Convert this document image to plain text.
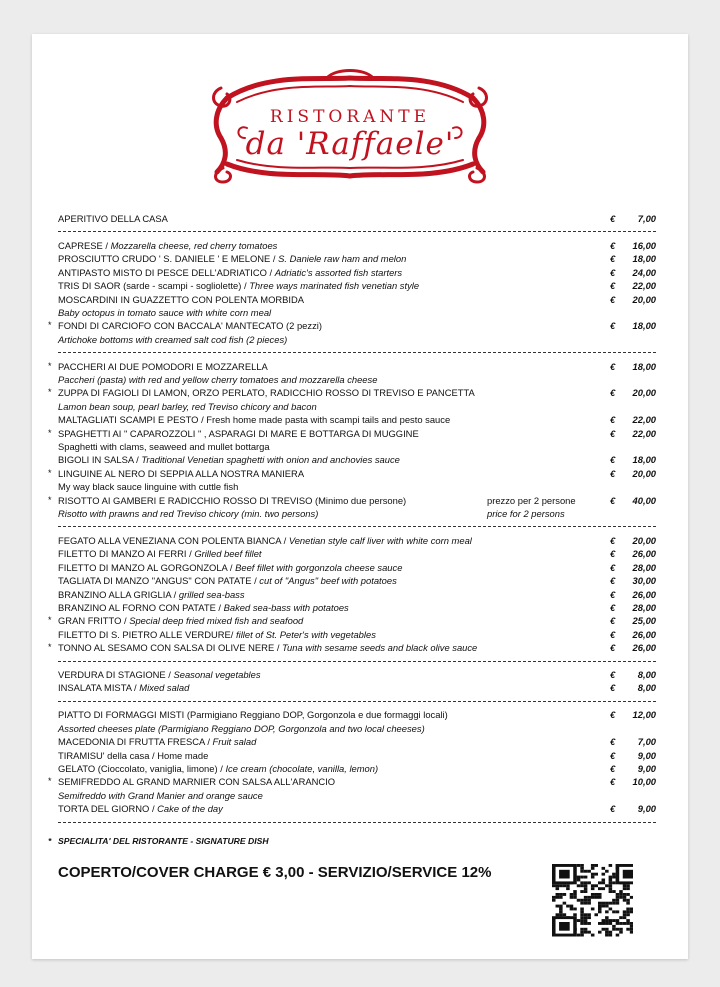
RISTORANTE
da 'Raffaele'
APERITIVO DELLA CASA	€ 7,00
CAPRESE / Mozzarella cheese, red cherry tomatoes	€ 16,00
PROSCIUTTO CRUDO ' S. DANIELE ' E MELONE / S. Daniele raw ham and melon	€ 18,00
ANTIPASTO MISTO DI PESCE DELL'ADRIATICO / Adriatic's assorted fish starters	€ 24,00
TRIS DI SAOR (sarde - scampi - sogliolette) / Three ways marinated fish venetian style	€ 22,00
MOSCARDINI IN GUAZZETTO CON POLENTA MORBIDA	€ 20,00
Baby octopus in tomato sauce with white corn meal
* FONDI DI CARCIOFO CON BACCALA' MANTECATO (2 pezzi)	€ 18,00
Artichoke bottoms with creamed salt cod fish (2 pieces)
* PACCHERI AI DUE POMODORI E MOZZARELLA	€ 18,00
Paccheri (pasta) with red and yellow cherry tomatoes and mozzarella cheese
* ZUPPA DI FAGIOLI DI LAMON, ORZO PERLATO, RADICCHIO ROSSO DI TREVISO E PANCETTA	€ 20,00
Lamon bean soup, pearl barley, red Treviso chicory and bacon
MALTAGLIATI SCAMPI E PESTO / Fresh home made pasta with scampi tails and pesto sauce	€ 22,00
* SPAGHETTI AI " CAPAROZZOLI " , ASPARAGI DI MARE E BOTTARGA DI MUGGINE	€ 22,00
Spaghetti with clams, seaweed and mullet bottarga
BIGOLI IN SALSA / Traditional Venetian spaghetti with onion and anchovies sauce	€ 18,00
* LINGUINE AL NERO DI SEPPIA ALLA NOSTRA MANIERA	€ 20,00
My way black sauce linguine with cuttle fish
* RISOTTO AI GAMBERI E RADICCHIO ROSSO DI TREVISO (Minimo due persone)	prezzo per 2 persone	€ 40,00
Risotto with prawns and red Treviso chicory (min. two persons)	price for 2 persons
FEGATO ALLA VENEZIANA CON POLENTA BIANCA / Venetian style calf liver with white corn meal	€ 20,00
FILETTO DI MANZO AI FERRI / Grilled beef fillet	€ 26,00
FILETTO DI MANZO AL GORGONZOLA / Beef fillet with gorgonzola cheese sauce	€ 28,00
TAGLIATA DI MANZO "ANGUS" CON PATATE / cut of "Angus" beef with potatoes	€ 30,00
BRANZINO ALLA GRIGLIA / grilled sea-bass	€ 26,00
BRANZINO AL FORNO CON PATATE / Baked sea-bass with potatoes	€ 28,00
* GRAN FRITTO / Special deep fried mixed fish and seafood	€ 25,00
FILETTO DI S. PIETRO ALLE VERDURE/ fillet of St. Peter's with vegetables	€ 26,00
* TONNO AL SESAMO CON SALSA DI OLIVE NERE / Tuna with sesame seeds and black olive sauce	€ 26,00
VERDURA DI STAGIONE / Seasonal vegetables	€ 8,00
INSALATA MISTA / Mixed salad	€ 8,00
PIATTO DI FORMAGGI MISTI (Parmigiano Reggiano DOP, Gorgonzola e due formaggi locali)	€ 12,00
Assorted cheeses plate (Parmigiano Reggiano DOP, Gorgonzola and two local cheeses)
MACEDONIA DI FRUTTA FRESCA / Fruit salad	€ 7,00
TIRAMISU' della casa / Home made	€ 9,00
GELATO (Cioccolato, vaniglia, limone) / Ice cream (chocolate, vanilla, lemon)	€ 9,00
* SEMIFREDDO AL GRAND MARNIER CON SALSA ALL'ARANCIO	€ 10,00
Semifreddo with Grand Manier and orange sauce
TORTA DEL GIORNO / Cake of the day	€ 9,00
* SPECIALITA' DEL RISTORANTE - SIGNATURE DISH
COPERTO/COVER CHARGE € 3,00 - SERVIZIO/SERVICE 12%
